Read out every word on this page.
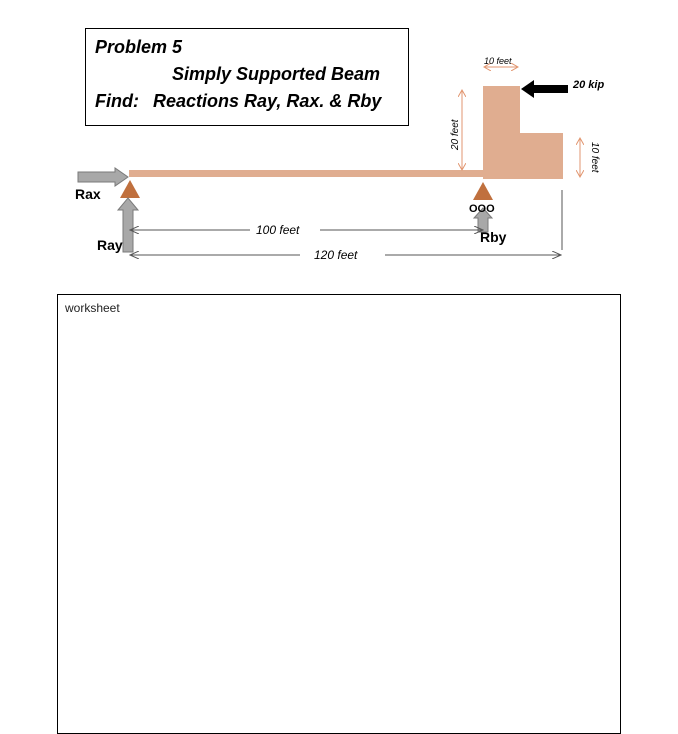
Problem 5
Simply Supported Beam
Find: Reactions Ray, Rax. & Rby
Rax
Ray	Rby
OOO
20 kip
100 feet
120 feet
10 feet
20 feet
10 feet
worksheet
